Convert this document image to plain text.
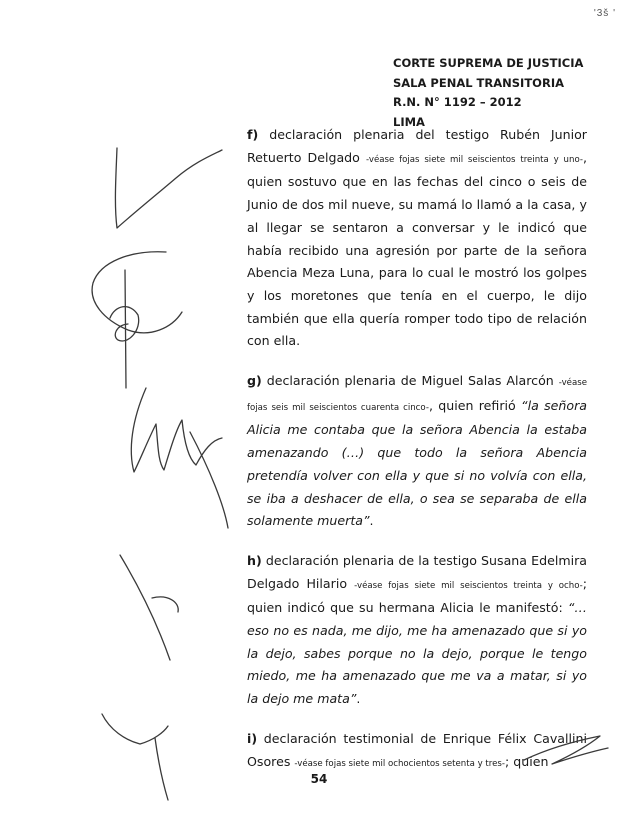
'3š '
CORTE SUPREMA DE JUSTICIA
SALA PENAL TRANSITORIA
R.N. N° 1192 – 2012
LIMA

f) declaración plenaria del testigo Rubén Junior Retuerto Delgado -véase fojas siete mil seiscientos treinta y uno-, quien sostuvo que en las fechas del cinco o seis de Junio de dos mil nueve, su mamá lo llamó a la casa, y al llegar se sentaron a conversar y le indicó que había recibido una agresión por parte de la señora Abencia Meza Luna, para lo cual le mostró los golpes y los moretones que tenía en el cuerpo, le dijo también que ella quería romper todo tipo de relación con ella.

g) declaración plenaria de Miguel Salas Alarcón -véase fojas seis mil seiscientos cuarenta cinco-, quien refirió “la señora Alicia me contaba que la señora Abencia la estaba amenazando (…) que todo la señora Abencia pretendía volver con ella y que si no volvía con ella, se iba a deshacer de ella, o sea se separaba de ella solamente muerta”.

h) declaración plenaria de la testigo Susana Edelmira Delgado Hilario -véase fojas siete mil seiscientos treinta y ocho-; quien indicó que su hermana Alicia le manifestó: “… eso no es nada, me dijo, me ha amenazado que si yo la dejo, sabes porque no la dejo, porque le tengo miedo, me ha amenazado que me va a matar, si yo la dejo me mata”.

i) declaración testimonial de Enrique Félix Cavallini Osores -véase fojas siete mil ochocientos setenta y tres-; quien

54
